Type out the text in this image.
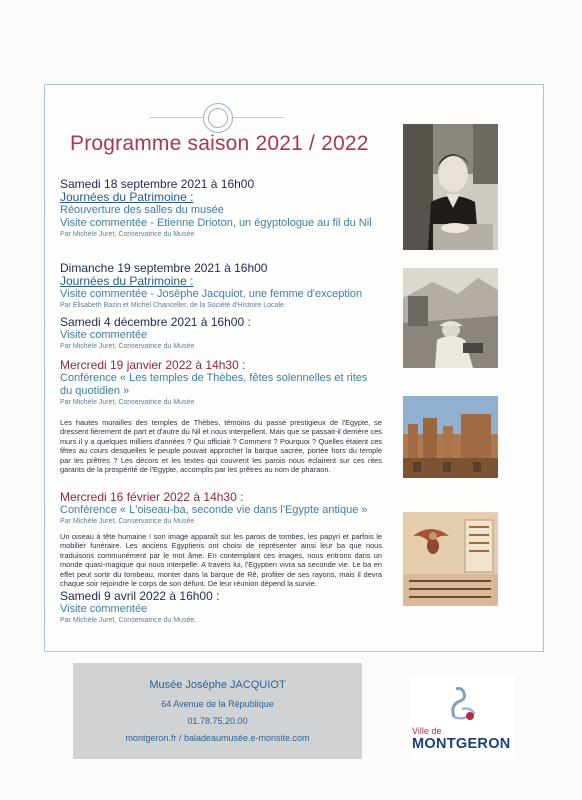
Programme saison 2021 / 2022
Samedi 18 septembre 2021 à 16h00
Journées du Patrimoine :
Réouverture des salles du musée
Visite commentée - Etienne Drioton, un égyptologue au fil du Nil
Par Michèle Juret, Conservatrice du Musée
Dimanche 19 septembre 2021 à 16h00
Journées du Patrimoine :
Visite commentée - Josèphe Jacquiot, une femme d'exception
Par Elisabeth Bazin et Michel Chanceller, de la Société d'Histoire Locale
Samedi 4 décembre 2021 à 16h00 :
Visite commentée
Par Michèle Juret, Conservatrice du Musée
Mercredi 19 janvier 2022 à 14h30 :
Conférence « Les temples de Thèbes, fêtes solennelles et rites du quotidien »
Par Michèle Juret, Conservatrice du Musée
Les hautes murailles des temples de Thèbes, témoins du passé prestigieux de l'Egypte, se dressent fièrement de part et d'autre du Nil et nous interpellent. Mais que se passait-il derrière ces murs il y a quelques milliers d'années ? Qui officiait ? Comment ? Pourquoi ? Quelles étaient ces fêtes au cours desquelles le peuple pouvait approcher la barque sacrée, portée hors du temple par les prêtres ? Les décors et les textes qui couvrent les parois nous éclairent sur ces rites garants de la prospérité de l'Egypte, accomplis par les prêtres au nom de pharaon.
Mercredi 16 février 2022 à 14h30 :
Conférence « L'oiseau-ba, seconde vie dans l'Egypte antique »
Par Michèle Juret, Conservatrice du Musée
Un oiseau à tête humaine ! son image apparaît sur les parois de tombes, les papyri et parfois le mobilier funéraire. Les anciens Egyptiens ont choisi de représenter ainsi leur ba que nous traduisons communément par le mot âme. En contemplant ces images, nous entrons dans un monde quasi-magique qui nous interpelle. A travers lui, l'Egyptien vivra sa seconde vie. Le ba en effet peut sortir du tombeau, monter dans la barque de Rê, profiter de ses rayons, mais il devra chaque soir rejoindre le corps de son défunt. De leur réunion dépend la survie.
Samedi 9 avril 2022 à 16h00 :
Visite commentée
Par Michèle Juret, Conservatrice du Musée.
Musée Josèphe JACQUIOT
64 Avenue de la République
01.78.75.20.00
montgeron.fr / baladeaumusée.e-monsite.com
Ville de
MONTGERON
